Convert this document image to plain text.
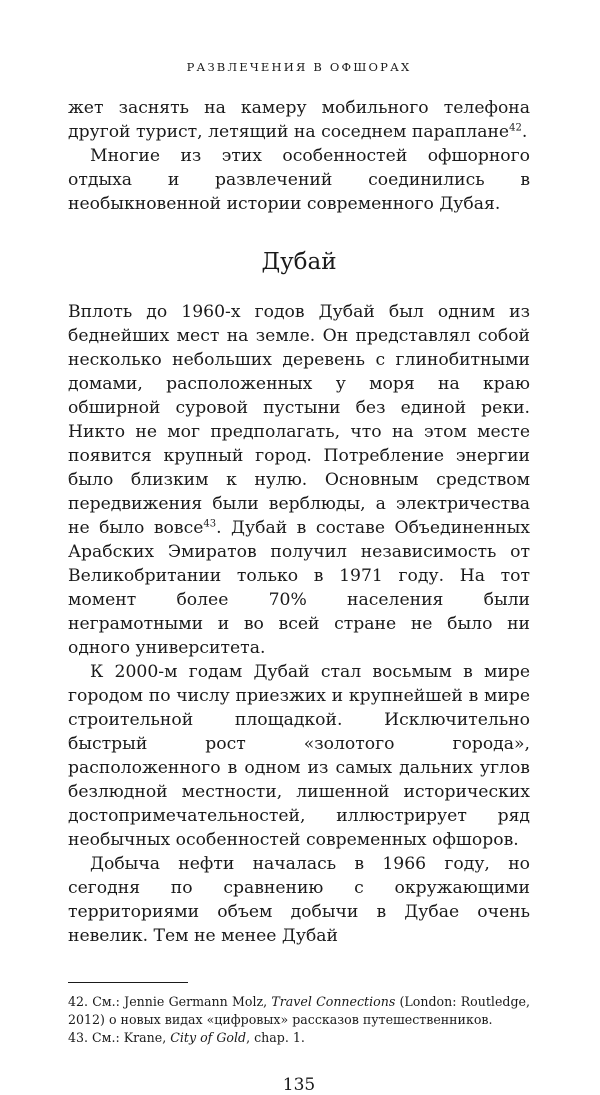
РАЗВЛЕЧЕНИЯ В ОФШОРАХ

жет заснять на камеру мобильного телефона другой турист, летящий на соседнем параплане$^{42}$.

Многие из этих особенностей офшорного отдыха и развлечений соединились в необыкновенной истории современного Дубая.

Дубай

Вплоть до 1960-х годов Дубай был одним из беднейших мест на земле. Он представлял собой несколько небольших деревень с глинобитными домами, расположенных у моря на краю обширной суровой пустыни без единой реки. Никто не мог предполагать, что на этом месте появится крупный город. Потребление энергии было близким к нулю. Основным средством передвижения были верблюды, а электричества не было вовсе$^{43}$. Дубай в составе Объединенных Арабских Эмиратов получил независимость от Великобритании только в 1971 году. На тот момент более 70% населения были неграмотными и во всей стране не было ни одного университета.

К 2000-м годам Дубай стал восьмым в мире городом по числу приезжих и крупнейшей в мире строительной площадкой. Исключительно быстрый рост «золотого города», расположенного в одном из самых дальних углов безлюдной местности, лишенной исторических достопримечательностей, иллюстрирует ряд необычных особенностей современных офшоров.

Добыча нефти началась в 1966 году, но сегодня по сравнению с окружающими территориями объем добычи в Дубае очень невелик. Тем не менее Дубай

42. См.: Jennie Germann Molz, Travel Connections (London: Routledge, 2012) о новых видах «цифровых» рассказов путешественников.

43. См.: Krane, City of Gold, chap. 1.

135
